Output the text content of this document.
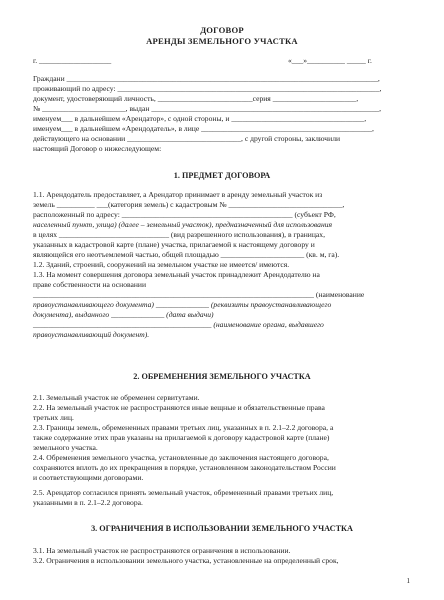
ДОГОВОР
АРЕНДЫ ЗЕМЕЛЬНОГО УЧАСТКА
г. ___________________	«___»__________ _____ г.
Граждани __________________________________________________________________________________,
проживающий по адресу: _____________________________________________________________________,
документ, удостоверяющий личность, _________________________серия ______________________,
№ ______________________, выдан ____________________________________________________________,
именуем___ в дальнейшем «Арендатор», с одной стороны, и ___________________________________,
именуем___ в дальнейшем «Арендодатель», в лице _____________________________________________,
действующего на основании ______________________________, с другой стороны, заключили
настоящий Договор о нижеследующем:
1. ПРЕДМЕТ ДОГОВОРА
1.1. Арендодатель предоставляет, а Арендатор принимает в аренду земельный участок из
земель __________ ___(категория земель) с кадастровым № ______________________________,
расположенный по адресу: _____________________________________________ (субъект РФ,
населенный пункт, улица) (далее – земельный участок), предназначенный для использования
в целях _____________________________ (вид разрешенного использования), в границах,
указанных в кадастровой карте (плане) участка, прилагаемой к настоящему договору и
являющейся его неотъемлемой частью, общей площадью ______________________ (кв. м, га).
1.2. Зданий, строений, сооружений на земельном участке не имеется/ имеются.
1.3. На момент совершения договора земельный участок принадлежит Арендодателю на
праве собственности на основании
__________________________________________________________________________ (наименование
правоустанавливающего документа) ______________ (реквизиты правоустанавливающего
документа), выданного ______________ (дата выдачи)
_______________________________________________ (наименование органа, выдавшего
правоустанавливающий документ).
2. ОБРЕМЕНЕНИЯ ЗЕМЕЛЬНОГО УЧАСТКА
2.1. Земельный участок не обременен сервитутами.
2.2. На земельный участок не распространяются иные вещные и обязательственные права
третьих лиц.
2.3. Границы земель, обремененных правами третьих лиц, указанных в п. 2.1–2.2 договора, а
также содержание этих прав указаны на прилагаемой к договору кадастровой карте (плане)
земельного участка.
2.4. Обременения земельного участка, установленные до заключения настоящего договора,
сохраняются вплоть до их прекращения в порядке, установленном законодательством России
и соответствующими договорами.
2.5. Арендатор согласился принять земельный участок, обремененный правами третьих лиц,
указанными в п. 2.1–2.2 договора.
3. ОГРАНИЧЕНИЯ В ИСПОЛЬЗОВАНИИ ЗЕМЕЛЬНОГО УЧАСТКА
3.1. На земельный участок не распространяются ограничения в использовании.
3.2. Ограничения в использовании земельного участка, установленные на определенный срок,
1
